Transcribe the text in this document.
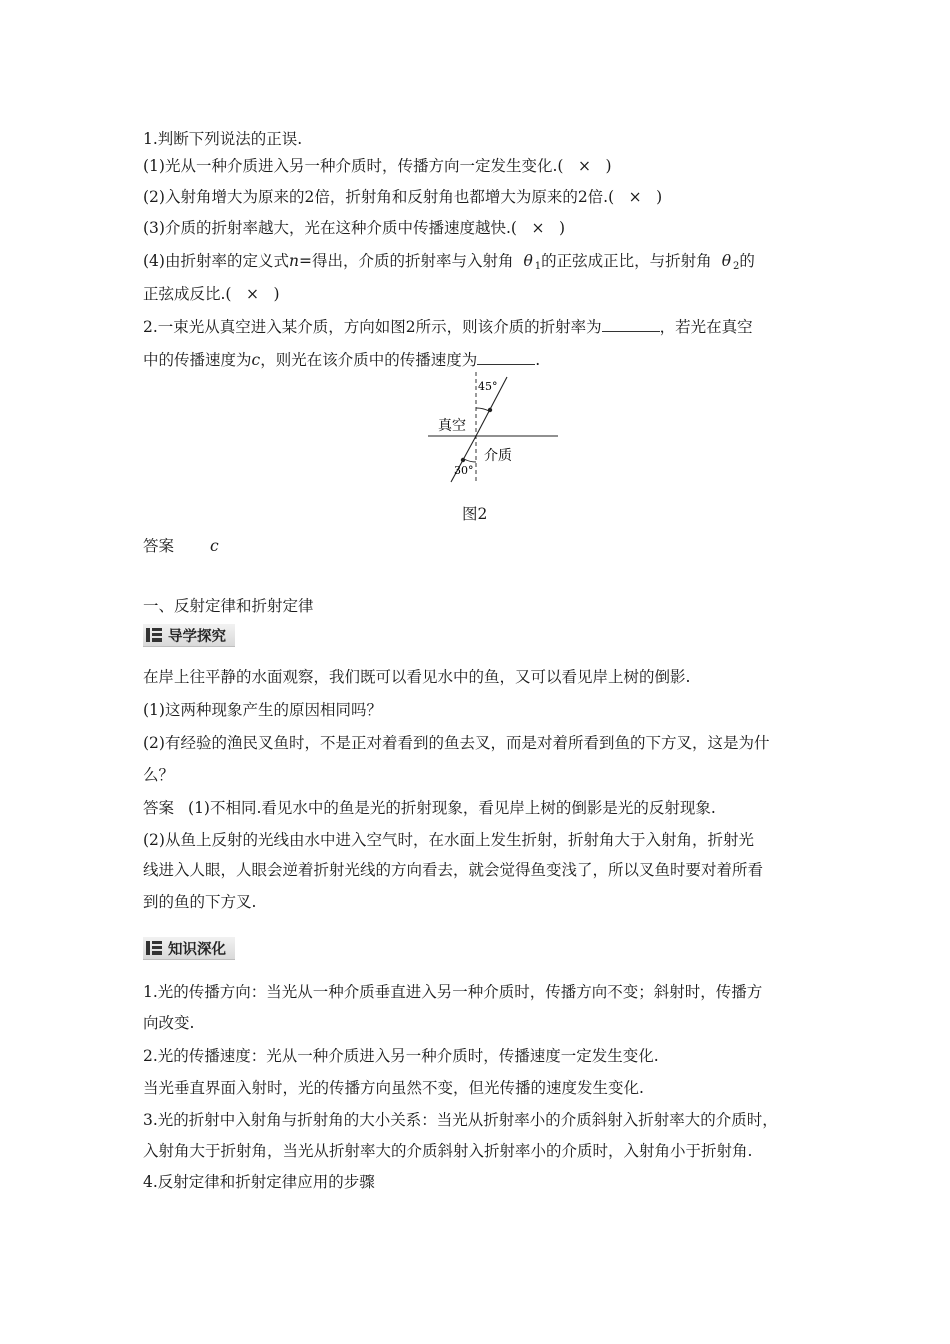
1.判断下列说法的正误.
(1)光从一种介质进入另一种介质时，传播方向一定发生变化.( × )
(2)入射角增大为原来的2倍，折射角和反射角也都增大为原来的2倍.( × )
(3)介质的折射率越大，光在这种介质中传播速度越快.( × )
(4)由折射率的定义式n=得出，介质的折射率与入射角 θ $_1$的正弦成正比，与折射角 θ $_2$的
正弦成反比.( × )
2.一束光从真空进入某介质，方向如图2所示，则该介质的折射率为	，若光在真空
中的传播速度为c，则光在该介质中的传播速度为	.
45°
30°
真空
介质
图2
答案 c
一、反射定律和折射定律
导学探究
在岸上往平静的水面观察，我们既可以看见水中的鱼，又可以看见岸上树的倒影.
(1)这两种现象产生的原因相同吗？
(2)有经验的渔民叉鱼时，不是正对着看到的鱼去叉，而是对着所看到鱼的下方叉，这是为什
么？
答案 (1)不相同.看见水中的鱼是光的折射现象，看见岸上树的倒影是光的反射现象.
(2)从鱼上反射的光线由水中进入空气时，在水面上发生折射，折射角大于入射角，折射光
线进入人眼，人眼会逆着折射光线的方向看去，就会觉得鱼变浅了，所以叉鱼时要对着所看
到的鱼的下方叉.
知识深化
1.光的传播方向：当光从一种介质垂直进入另一种介质时，传播方向不变；斜射时，传播方
向改变.
2.光的传播速度：光从一种介质进入另一种介质时，传播速度一定发生变化.
当光垂直界面入射时，光的传播方向虽然不变，但光传播的速度发生变化.
3.光的折射中入射角与折射角的大小关系：当光从折射率小的介质斜射入折射率大的介质时，
入射角大于折射角，当光从折射率大的介质斜射入折射率小的介质时，入射角小于折射角.
4.反射定律和折射定律应用的步骤
